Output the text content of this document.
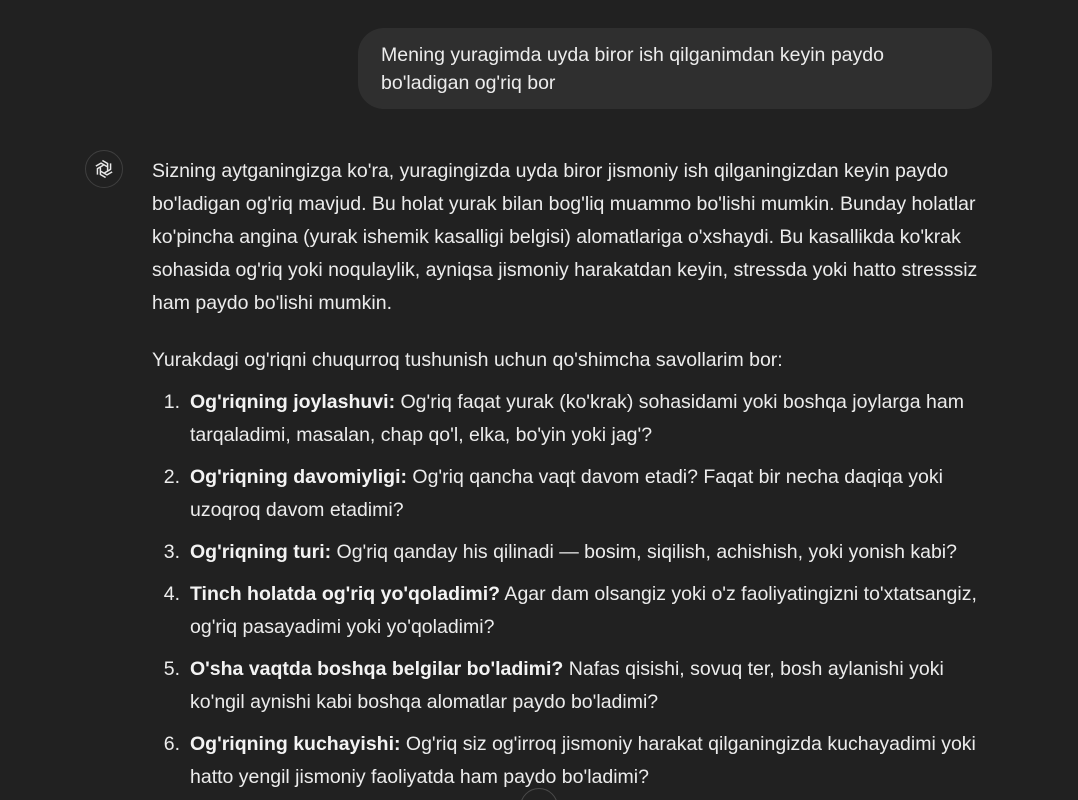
Mening yuragimda uyda biror ish qilganimdan keyin paydo
bo'ladigan og'riq bor

Sizning aytganingizga ko'ra, yuragingizda uyda biror jismoniy ish qilganingizdan keyin paydo bo'ladigan og'riq mavjud. Bu holat yurak bilan bog'liq muammo bo'lishi mumkin. Bunday holatlar ko'pincha angina (yurak ishemik kasalligi belgisi) alomatlariga o'xshaydi. Bu kasallikda ko'krak sohasida og'riq yoki noqulaylik, ayniqsa jismoniy harakatdan keyin, stressda yoki hatto stresssiz ham paydo bo'lishi mumkin.

Yurakdagi og'riqni chuqurroq tushunish uchun qo'shimcha savollarim bor:

1. Og'riqning joylashuvi: Og'riq faqat yurak (ko'krak) sohasidami yoki boshqa joylarga ham tarqaladimi, masalan, chap qo'l, elka, bo'yin yoki jag'?
2. Og'riqning davomiyligi: Og'riq qancha vaqt davom etadi? Faqat bir necha daqiqa yoki uzoqroq davom etadimi?
3. Og'riqning turi: Og'riq qanday his qilinadi — bosim, siqilish, achishish, yoki yonish kabi?
4. Tinch holatda og'riq yo'qoladimi? Agar dam olsangiz yoki o'z faoliyatingizni to'xtatsangiz, og'riq pasayadimi yoki yo'qoladimi?
5. O'sha vaqtda boshqa belgilar bo'ladimi? Nafas qisishi, sovuq ter, bosh aylanishi yoki ko'ngil aynishi kabi boshqa alomatlar paydo bo'ladimi?
6. Og'riqning kuchayishi: Og'riq siz og'irroq jismoniy harakat qilganingizda kuchayadimi yoki hatto yengil jismoniy faoliyatda ham paydo bo'ladimi?
